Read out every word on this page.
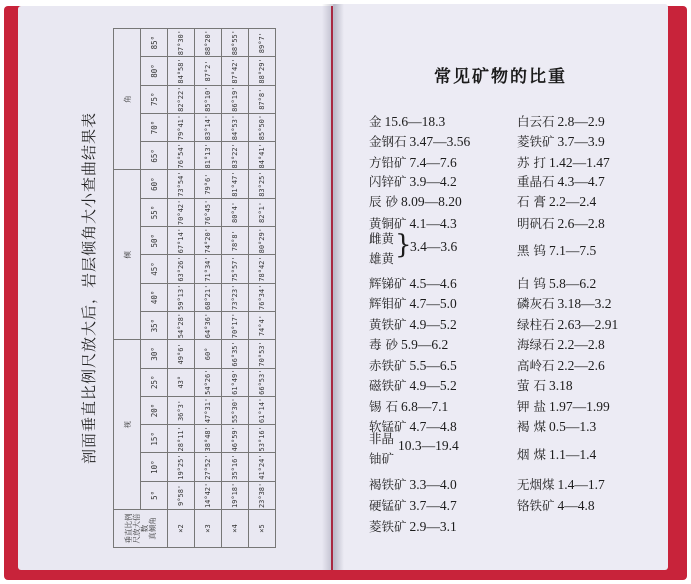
剖面垂直比例尺放大后，岩层倾角大小查曲结果表
垂直比例尺放大倍数
真倾角	视						倾						角				
	5°	10°	15°	20°	25°	30°	35°	40°	45°	50°	55°	60°	65°	70°	75°	80°	85°
×2	9°58'	19°25'	28°11'	36°3'	43°	49°6'	54°28'	59°13'	63°26'	67°14'	70°42'	73°54'	76°54'	79°41'	82°22'	84°58'	87°30'
×3	14°42'	27°52'	38°48'	47°31'	54°26'	60°	64°36'	68°21'	71°34'	74°20'	76°45'	79°6'	81°13'	83°14'	85°10'	87°2'	88°20'
×4	19°18'	35°16'	46°59'	55°30'	61°49'	66°35'	70°17'	73°23'	75°57'	78°8'	80°4'	81°47'	83°22'	84°53'	86°19'	87°42'	88°55'
×5	23°38'	41°24'	53°16'	61°14'	66°53'	70°53'	74°4'	76°34'	78°42'	80°29'	82°1'	83°25'	84°41'	85°50'	87°8'	88°29'	89°7'
常见矿物的比重
雌黄
雄黄 }
3.4—3.6
非晶
铀矿
10.3—19.4
金 15.6—18.3
金钢石 3.47—3.56
方铅矿 7.4—7.6
闪锌矿 3.9—4.2
辰 砂 8.09—8.20
黄铜矿 4.1—4.3
辉锑矿 4.5—4.6
辉钼矿 4.7—5.0
黄铁矿 4.9—5.2
毒 砂 5.9—6.2
赤铁矿 5.5—6.5
磁铁矿 4.9—5.2
锡 石 6.8—7.1
软锰矿 4.7—4.8
褐铁矿 3.3—4.0
硬锰矿 3.7—4.7
菱铁矿 2.9—3.1
白云石 2.8—2.9
菱铁矿 3.7—3.9
苏 打 1.42—1.47
重晶石 4.3—4.7
石 膏 2.2—2.4
明矾石 2.6—2.8
黑 钨 7.1—7.5
白 钨 5.8—6.2
磷灰石 3.18—3.2
绿柱石 2.63—2.91
海绿石 2.2—2.8
高岭石 2.2—2.6
萤 石 3.18
钾 盐 1.97—1.99
褐 煤 0.5—1.3
烟 煤 1.1—1.4
无烟煤 1.4—1.7
铬铁矿 4—4.8
